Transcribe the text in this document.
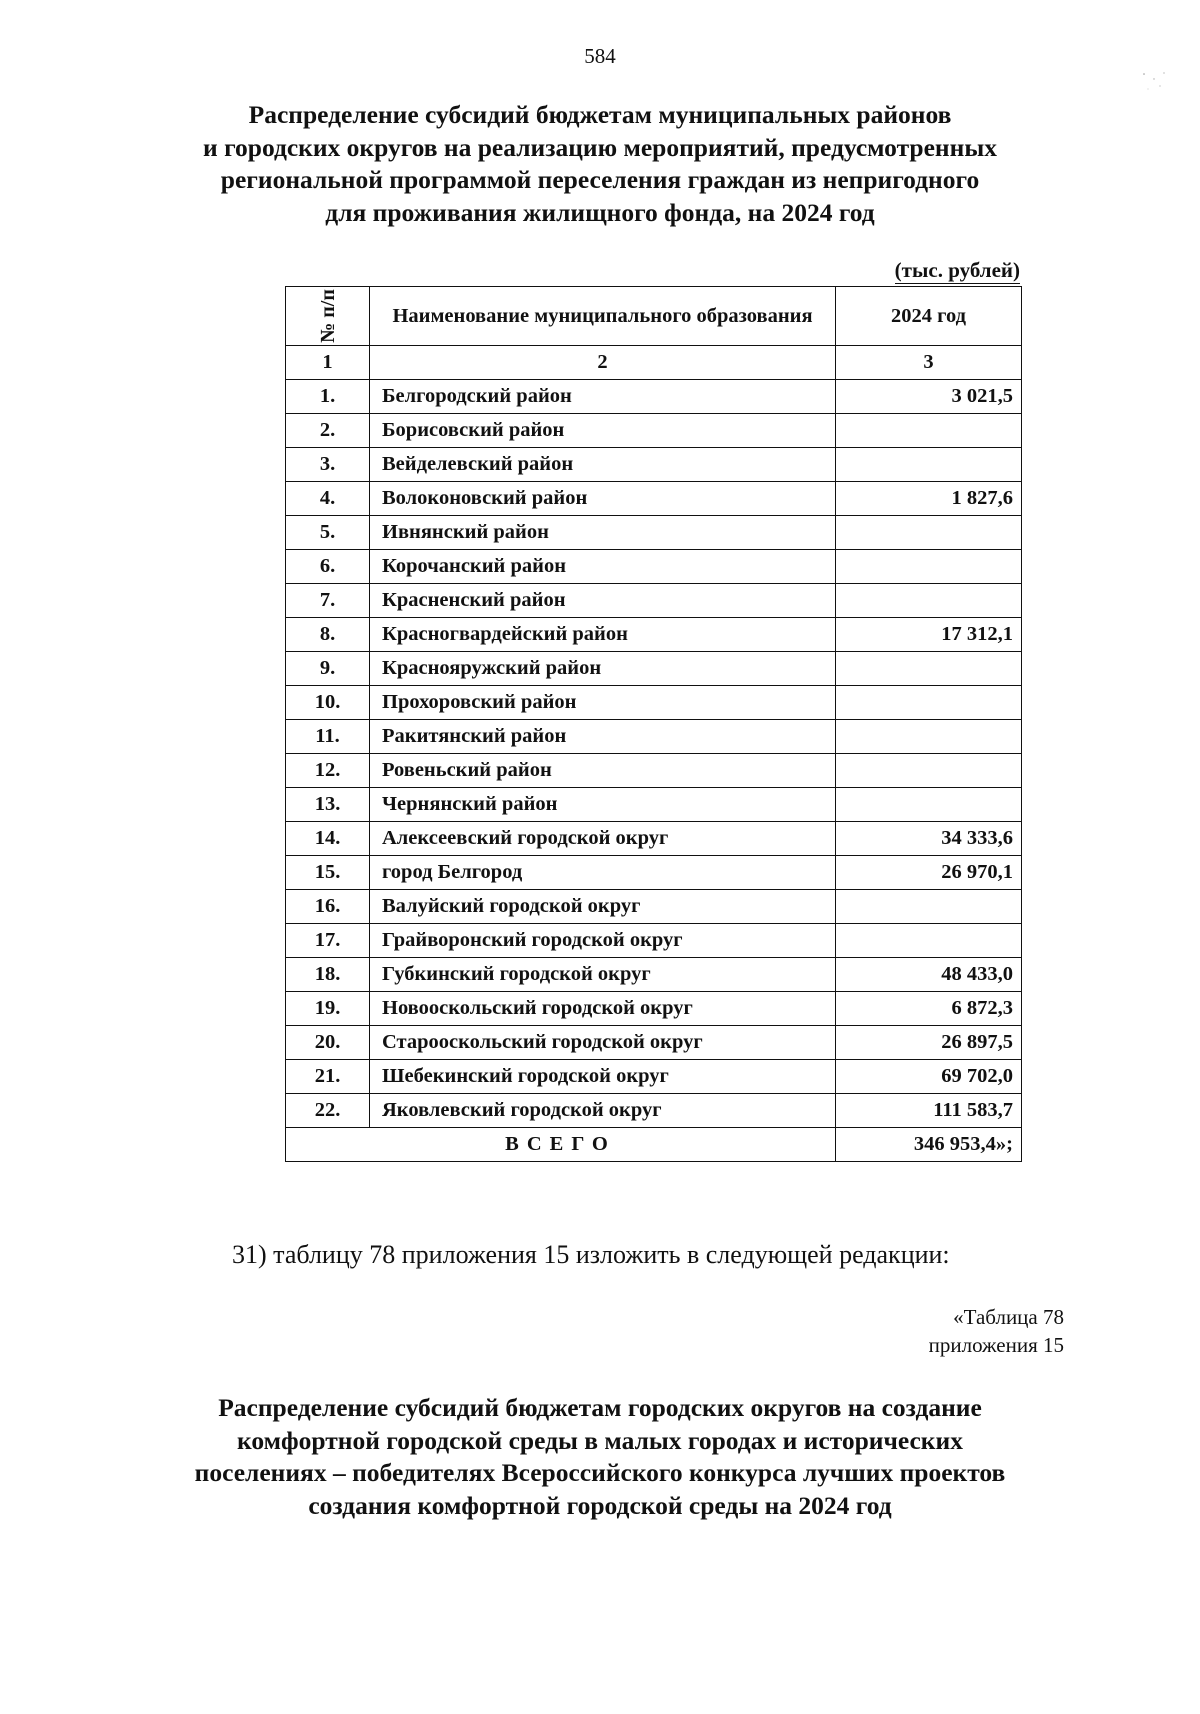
584
Распределение субсидий бюджетам муниципальных районов
и городских округов на реализацию мероприятий, предусмотренных
региональной программой переселения граждан из непригодного
для проживания жилищного фонда, на 2024 год
(тыс. рублей)
№ п/п	Наименование муниципального образования	2024 год
1	2	3
1.	Белгородский район	3 021,5
2.	Борисовский район	
3.	Вейделевский район	
4.	Волоконовский район	1 827,6
5.	Ивнянский район	
6.	Корочанский район	
7.	Красненский район	
8.	Красногвардейский район	17 312,1
9.	Краснояружский район	
10.	Прохоровский район	
11.	Ракитянский район	
12.	Ровеньский район	
13.	Чернянский район	
14.	Алексеевский городской округ	34 333,6
15.	город Белгород	26 970,1
16.	Валуйский городской округ	
17.	Грайворонский городской округ	
18.	Губкинский городской округ	48 433,0
19.	Новооскольский городской округ	6 872,3
20.	Старооскольский городской округ	26 897,5
21.	Шебекинский городской округ	69 702,0
22.	Яковлевский городской округ	111 583,7
ВСЕГО		346 953,4»;
31) таблицу 78 приложения 15 изложить в следующей редакции:
«Таблица 78
приложения 15
Распределение субсидий бюджетам городских округов на создание
комфортной городской среды в малых городах и исторических
поселениях – победителях Всероссийского конкурса лучших проектов
создания комфортной городской среды на 2024 год
